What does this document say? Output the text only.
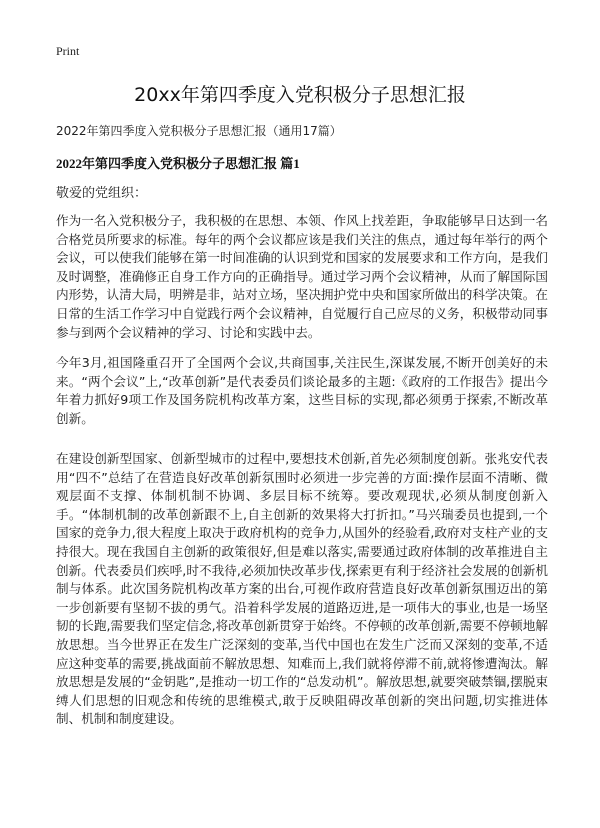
Print
20xx年第四季度入党积极分子思想汇报
2022年第四季度入党积极分子思想汇报（通用17篇）
2022年第四季度入党积极分子思想汇报 篇1
敬爱的党组织：

作为一名入党积极分子，我积极的在思想、本领、作风上找差距，争取能够早日达到一名合格党员所要求的标准。每年的两个会议都应该是我们关注的焦点，通过每年举行的两个会议，可以使我们能够在第一时间准确的认识到党和国家的发展要求和工作方向，是我们及时调整，准确修正自身工作方向的正确指导。通过学习两个会议精神，从而了解国际国内形势，认清大局，明辨是非，站对立场，坚决拥护党中央和国家所做出的科学决策。在日常的生活工作学习中自觉践行两个会议精神，自觉履行自己应尽的义务，积极带动同事参与到两个会议精神的学习、讨论和实践中去。

今年3月,祖国隆重召开了全国两个会议,共商国事,关注民生,深谋发展,不断开创美好的未来。“两个会议”上,“改革创新”是代表委员们谈论最多的主题:《政府的工作报告》提出今年着力抓好9项工作及国务院机构改革方案，这些目标的实现,都必须勇于探索,不断改革创新。

在建设创新型国家、创新型城市的过程中,要想技术创新,首先必须制度创新。张兆安代表用“四不”总结了在营造良好改革创新氛围时必须进一步完善的方面:操作层面不清晰、微观层面不支撑、体制机制不协调、多层目标不统筹。要改观现状,必须从制度创新入手。“体制机制的改革创新跟不上,自主创新的效果将大打折扣。”马兴瑞委员也提到,一个国家的竞争力,很大程度上取决于政府机构的竞争力,从国外的经验看,政府对支柱产业的支持很大。现在我国自主创新的政策很好,但是难以落实,需要通过政府体制的改革推进自主创新。代表委员们疾呼,时不我待,必须加快改革步伐,探索更有利于经济社会发展的创新机制与体系。此次国务院机构改革方案的出台,可视作政府营造良好改革创新氛围迈出的第一步创新要有坚韧不拔的勇气。沿着科学发展的道路迈进,是一项伟大的事业,也是一场坚韧的长跑,需要我们坚定信念,将改革创新贯穿于始终。不停顿的改革创新,需要不停顿地解放思想。当今世界正在发生广泛深刻的变革,当代中国也在发生广泛而又深刻的变革,不适应这种变革的需要,挑战面前不解放思想、知难而上,我们就将停滞不前,就将惨遭淘汰。解放思想是发展的“金钥匙”,是推动一切工作的“总发动机”。解放思想,就要突破禁锢,摆脱束缚人们思想的旧观念和传统的思维模式,敢于反映阻碍改革创新的突出问题,切实推进体制、机制和制度建设。
